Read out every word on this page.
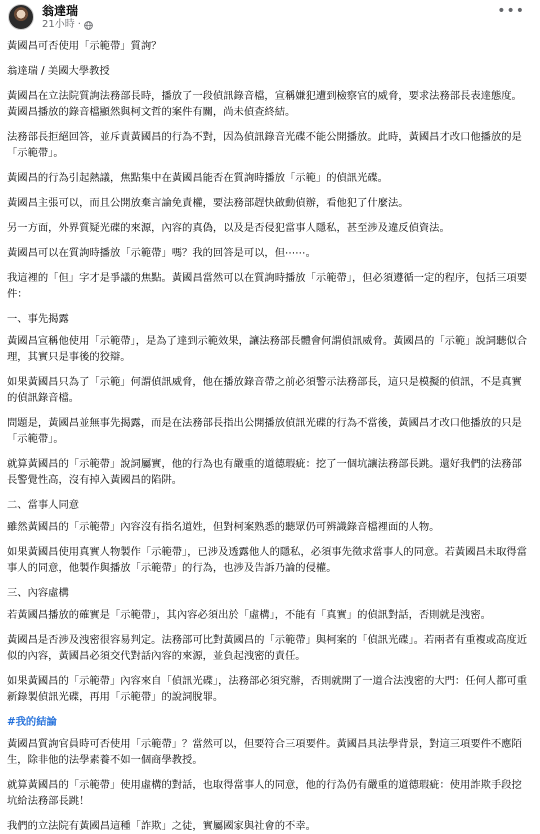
翁達瑞
21小時 ·
•••

黃國昌可否使用「示範帶」質詢？

翁達瑞 / 美國大學教授

黃國昌在立法院質詢法務部長時，播放了一段偵訊錄音檔，宣稱嫌犯遭到檢察官的威脅，要求法務部長表達態度。黃國昌播放的錄音檔顯然與柯文哲的案件有關，尚未偵查終結。

法務部長拒絕回答，並斥責黃國昌的行為不對，因為偵訊錄音光碟不能公開播放。此時，黃國昌才改口他播放的是「示範帶」。

黃國昌的行為引起熱議，焦點集中在黃國昌能否在質詢時播放「示範」的偵訊光碟。

黃國昌主張可以，而且公開放棄言論免責權，要法務部趕快啟動偵辦，看他犯了什麼法。

另一方面，外界質疑光碟的來源，內容的真偽，以及是否侵犯當事人隱私，甚至涉及違反偵資法。

黃國昌可以在質詢時播放「示範帶」嗎？我的回答是可以，但⋯⋯。

我這裡的「但」字才是爭議的焦點。黃國昌當然可以在質詢時播放「示範帶」，但必須遵循一定的程序，包括三項要件：

一、事先揭露

黃國昌宣稱他使用「示範帶」，是為了達到示範效果，讓法務部長體會何謂偵訊威脅。黃國昌的「示範」說詞聽似合理，其實只是事後的狡辯。

如果黃國昌只為了「示範」何謂偵訊威脅，他在播放錄音帶之前必須警示法務部長，這只是模擬的偵訊，不是真實的偵訊錄音檔。

問題是，黃國昌並無事先揭露，而是在法務部長指出公開播放偵訊光碟的行為不當後，黃國昌才改口他播放的只是「示範帶」。

就算黃國昌的「示範帶」說詞屬實，他的行為也有嚴重的道德瑕疵：挖了一個坑讓法務部長跳。還好我們的法務部長警覺性高，沒有掉入黃國昌的陷阱。

二、當事人同意

雖然黃國昌的「示範帶」內容沒有指名道姓，但對柯案熟悉的聽眾仍可辨識錄音檔裡面的人物。

如果黃國昌使用真實人物製作「示範帶」，已涉及透露他人的隱私，必須事先徵求當事人的同意。若黃國昌未取得當事人的同意，他製作與播放「示範帶」的行為，也涉及告訴乃論的侵權。

三、內容虛構

若黃國昌播放的確實是「示範帶」，其內容必須出於「虛構」，不能有「真實」的偵訊對話，否則就是洩密。

黃國昌是否涉及洩密很容易判定。法務部可比對黃國昌的「示範帶」與柯案的「偵訊光碟」。若兩者有重複或高度近似的內容，黃國昌必須交代對話內容的來源，並負起洩密的責任。

如果黃國昌的「示範帶」內容來自「偵訊光碟」，法務部必須究辦，否則就開了一道合法洩密的大門：任何人都可重新錄製偵訊光碟，再用「示範帶」的說詞脫罪。

#我的結論

黃國昌質詢官員時可否使用「示範帶」？當然可以，但要符合三項要件。黃國昌具法學背景，對這三項要件不應陌生，除非他的法學素養不如一個商學教授。

就算黃國昌的「示範帶」使用虛構的對話，也取得當事人的同意，他的行為仍有嚴重的道德瑕疵：使用詐欺手段挖坑給法務部長跳！

我們的立法院有黃國昌這種「詐欺」之徒，實屬國家與社會的不幸。
